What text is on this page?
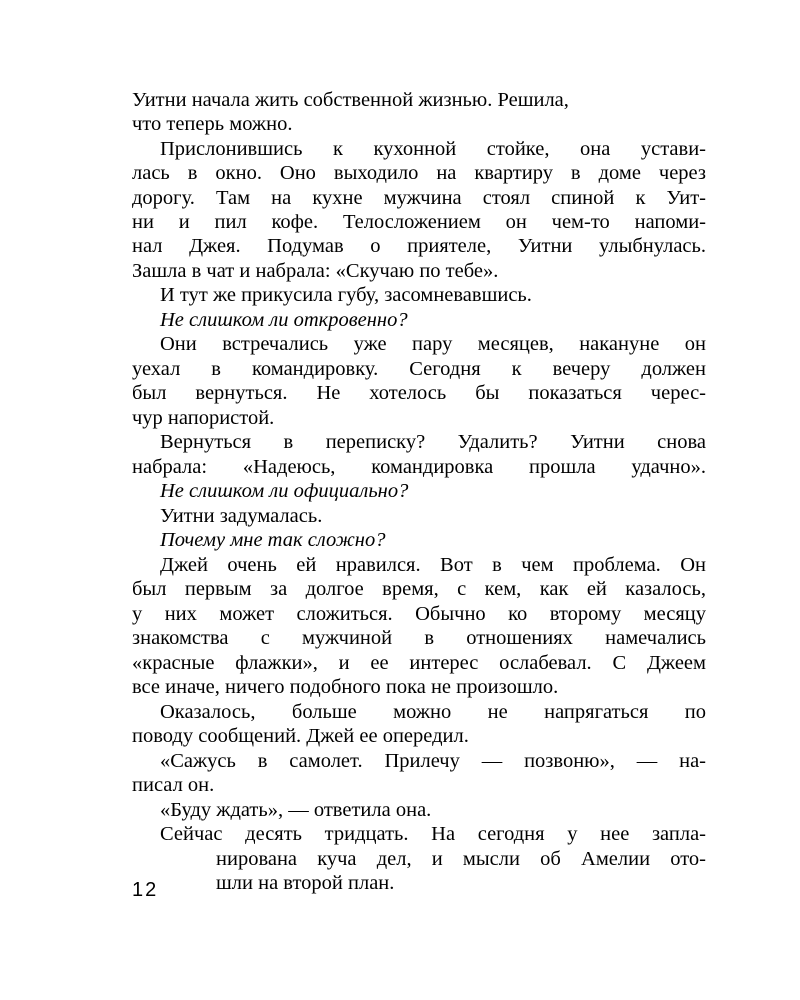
Уитни начала жить собственной жизнью. Решила,
что теперь можно.
Прислонившись к кухонной стойке, она устави-
лась в окно. Оно выходило на квартиру в доме через
дорогу. Там на кухне мужчина стоял спиной к Уит-
ни и пил кофе. Телосложением он чем-то напоми-
нал Джея. Подумав о приятеле, Уитни улыбнулась.
Зашла в чат и набрала: «Скучаю по тебе».
И тут же прикусила губу, засомневавшись.
Не слишком ли откровенно?
Они встречались уже пару месяцев, накануне он
уехал в командировку. Сегодня к вечеру должен
был вернуться. Не хотелось бы показаться черес-
чур напористой.
Вернуться в переписку? Удалить? Уитни снова
набрала: «Надеюсь, командировка прошла удачно».
Не слишком ли официально?
Уитни задумалась.
Почему мне так сложно?
Джей очень ей нравился. Вот в чем проблема. Он
был первым за долгое время, с кем, как ей казалось,
у них может сложиться. Обычно ко второму месяцу
знакомства с мужчиной в отношениях намечались
«красные флажки», и ее интерес ослабевал. С Джеем
все иначе, ничего подобного пока не произошло.
Оказалось, больше можно не напрягаться по
поводу сообщений. Джей ее опередил.
«Сажусь в самолет. Прилечу — позвоню», — на-
писал он.
«Буду ждать», — ответила она.
Сейчас десять тридцать. На сегодня у нее запла-
нирована куча дел, и мысли об Амелии ото-
шли на второй план.
12
